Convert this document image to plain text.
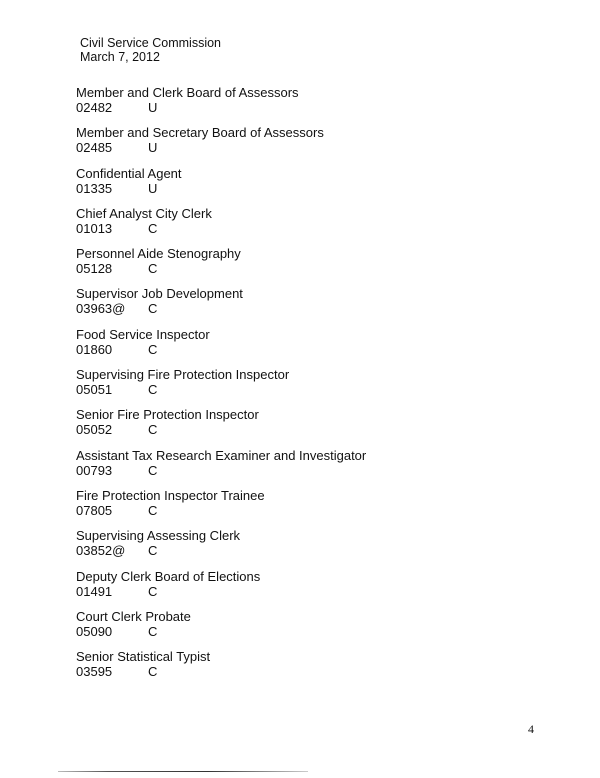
Civil Service Commission
March 7, 2012
Member and Clerk Board of Assessors
02482	U
Member and Secretary Board of Assessors
02485	U
Confidential Agent
01335	U
Chief Analyst City Clerk
01013	C
Personnel Aide Stenography
05128	C
Supervisor Job Development
03963@	C
Food Service Inspector
01860	C
Supervising Fire Protection Inspector
05051	C
Senior Fire Protection Inspector
05052	C
Assistant Tax Research Examiner and Investigator
00793	C
Fire Protection Inspector Trainee
07805	C
Supervising Assessing Clerk
03852@	C
Deputy Clerk Board of Elections
01491	C
Court Clerk Probate
05090	C
Senior Statistical Typist
03595	C
4
